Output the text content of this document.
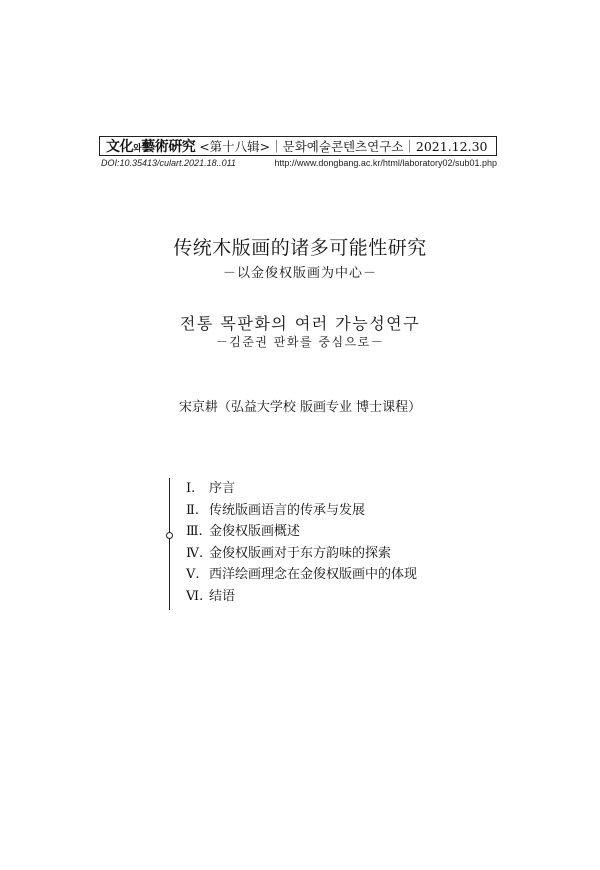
文化와藝術硏究 <第十八辑>｜문화예술콘텐츠연구소｜2021.12.30
DOI:10.35413/culart.2021.18..011	http://www.dongbang.ac.kr/html/laboratory02/sub01.php
传统木版画的诸多可能性研究
－以金俊权版画为中心－
전통 목판화의 여러 가능성연구
－김준권 판화를 중심으로－
宋京耕（弘益大学校 版画专业 博士课程）
Ⅰ.	序言
Ⅱ. 传统版画语言的传承与发展
Ⅲ. 金俊权版画概述
Ⅳ. 金俊权版画对于东方韵味的探索
Ⅴ. 西洋绘画理念在金俊权版画中的体现
Ⅵ. 结语
